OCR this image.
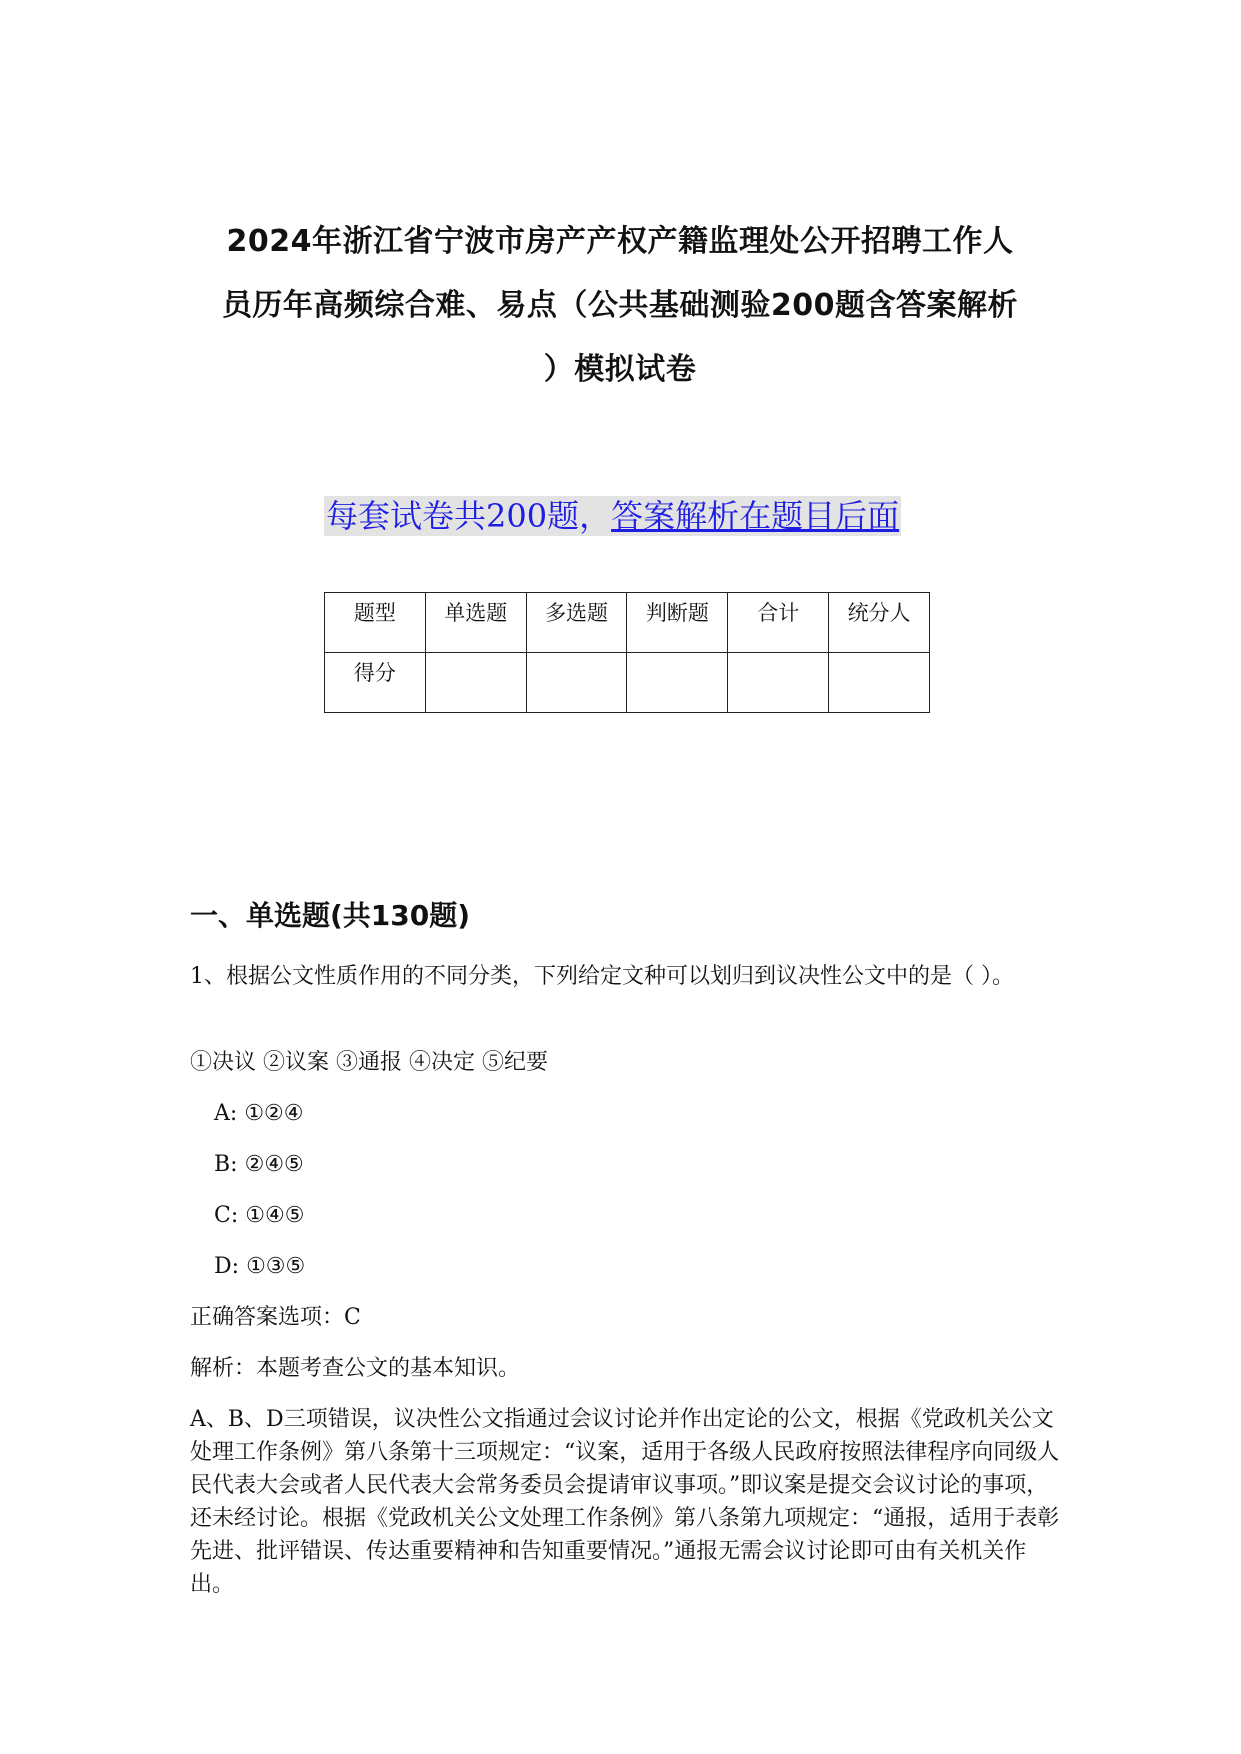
2024年浙江省宁波市房产产权产籍监理处公开招聘工作人
员历年高频综合难、易点（公共基础测验200题含答案解析
）模拟试卷
每套试卷共200题，答案解析在题目后面
题型	单选题	多选题	判断题	合计	统分人
得分					
一、单选题(共130题)

1、根据公文性质作用的不同分类，下列给定文种可以划归到议决性公文中的是（ ）。

①决议 ②议案 ③通报 ④决定 ⑤纪要

A: ①②④

B: ②④⑤

C: ①④⑤

D: ①③⑤

正确答案选项：C

解析：本题考查公文的基本知识。

A、B、D三项错误，议决性公文指通过会议讨论并作出定论的公文，根据《党政机关公文处理工作条例》第八条第十三项规定：“议案，适用于各级人民政府按照法律程序向同级人民代表大会或者人民代表大会常务委员会提请审议事项。”即议案是提交会议讨论的事项，还未经讨论。根据《党政机关公文处理工作条例》第八条第九项规定：“通报，适用于表彰先进、批评错误、传达重要精神和告知重要情况。”通报无需会议讨论即可由有关机关作出。
